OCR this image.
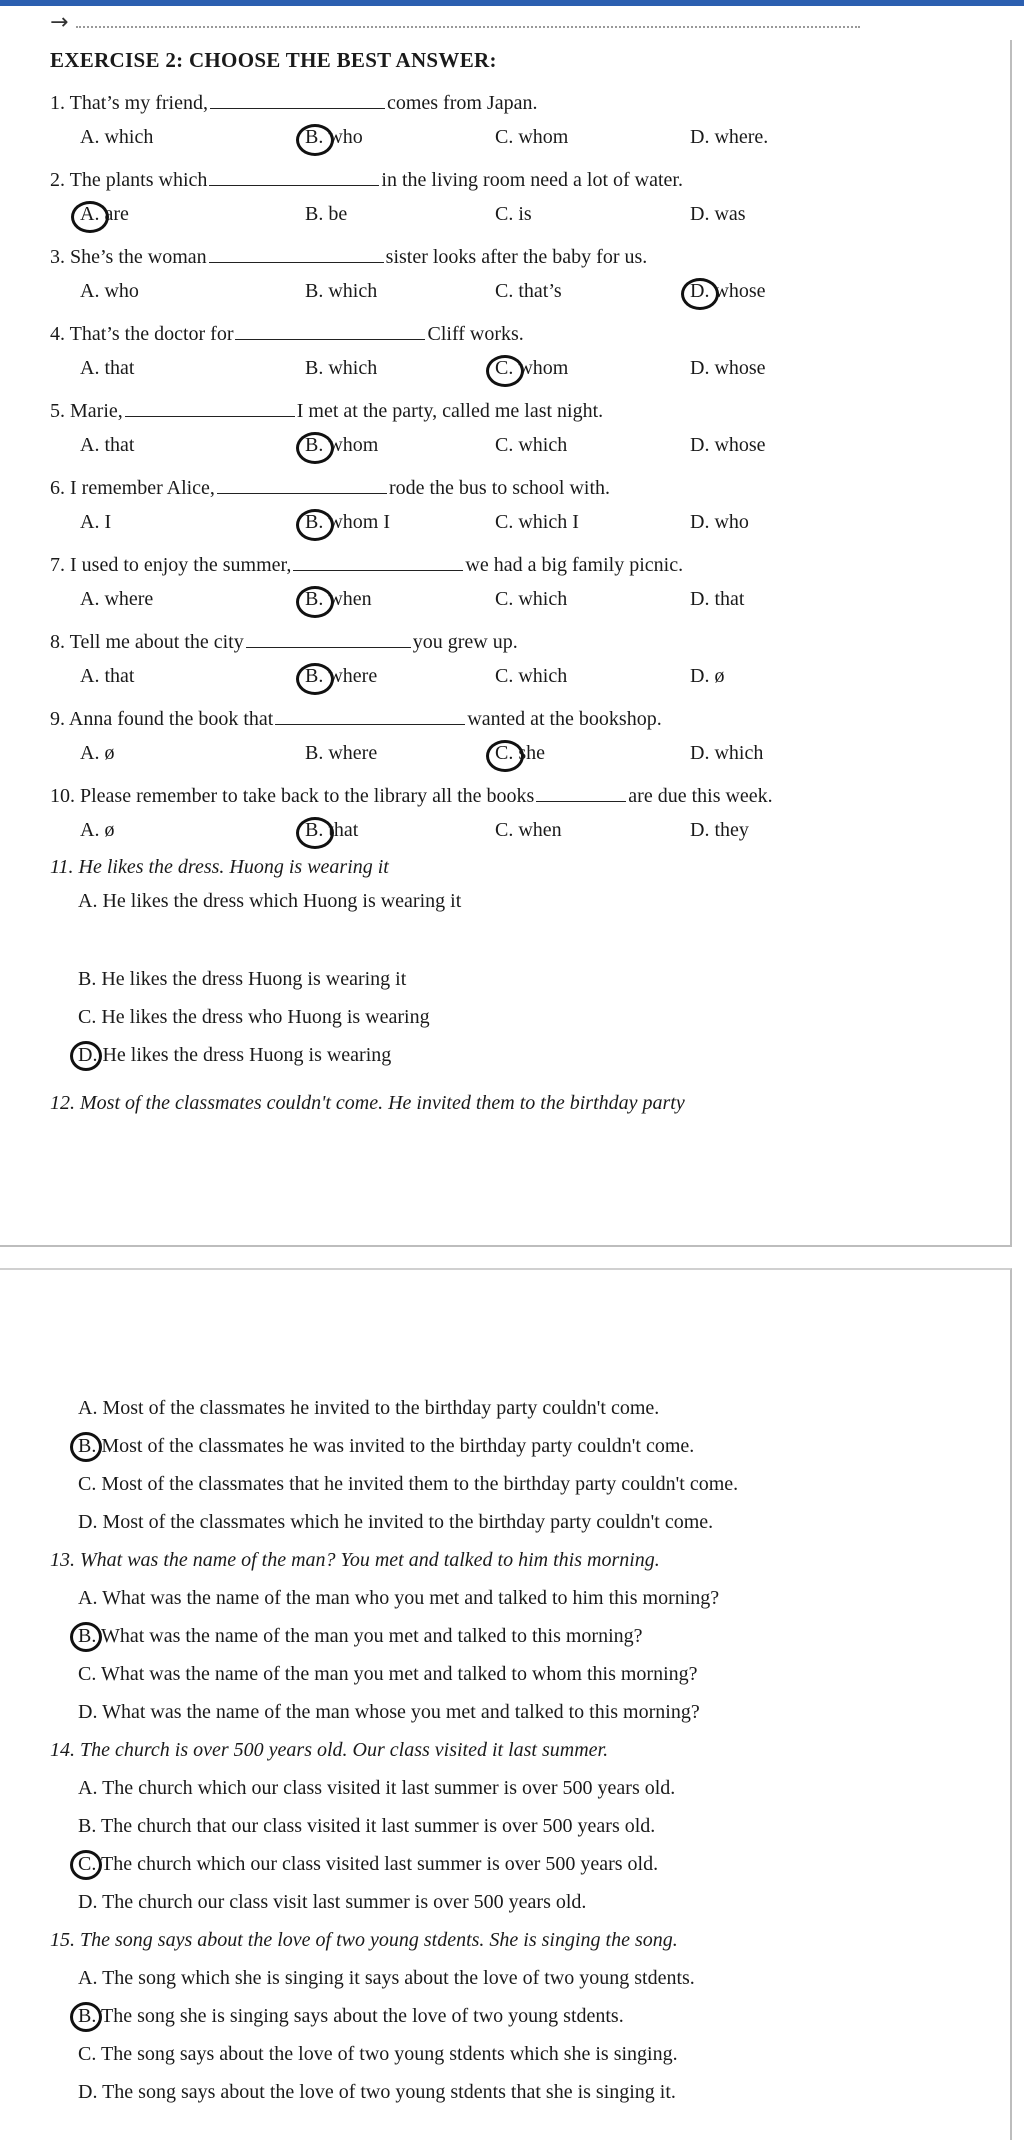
→
EXERCISE 2: CHOOSE THE BEST ANSWER:
1. That’s my friend,	comes from Japan.
A. which	B. who	C. whom	D. where.
2. The plants which	in the living room need a lot of water.
A. are	B. be	C. is	D. was
3. She’s the woman	sister looks after the baby for us.
A. who	B. which	C. that’s	D. whose
4. That’s the doctor for	Cliff works.
A. that	B. which	C. whom	D. whose
5. Marie,	I met at the party, called me last night.
A. that	B. whom	C. which	D. whose
6. I remember Alice,	rode the bus to school with.
A. I	B. whom I	C. which I	D. who
7. I used to enjoy the summer,	we had a big family picnic.
A. where	B. when	C. which	D. that
8. Tell me about the city	you grew up.
A. that	B. where	C. which	D. ø
9. Anna found the book that	wanted at the bookshop.
A. ø	B. where	C. she	D. which
10. Please remember to take back to the library all the books	are due this week.
A. ø	B. that	C. when	D. they
11. He likes the dress. Huong is wearing it
A. He likes the dress which Huong is wearing it
B. He likes the dress Huong is wearing it
C. He likes the dress who Huong is wearing
D. He likes the dress Huong is wearing
12. Most of the classmates couldn't come. He invited them to the birthday party
A. Most of the classmates he invited to the birthday party couldn't come.
B. Most of the classmates he was invited to the birthday party couldn't come.
C. Most of the classmates that he invited them to the birthday party couldn't come.
D. Most of the classmates which he invited to the birthday party couldn't come.
13. What was the name of the man? You met and talked to him this morning.
A. What was the name of the man who you met and talked to him this morning?
B. What was the name of the man you met and talked to this morning?
C. What was the name of the man you met and talked to whom this morning?
D. What was the name of the man whose you met and talked to this morning?
14. The church is over 500 years old. Our class visited it last summer.
A. The church which our class visited it last summer is over 500 years old.
B. The church that our class visited it last summer is over 500 years old.
C. The church which our class visited last summer is over 500 years old.
D. The church our class visit last summer is over 500 years old.
15. The song says about the love of two young stdents. She is singing the song.
A. The song which she is singing it says about the love of two young stdents.
B. The song she is singing says about the love of two young stdents.
C. The song says about the love of two young stdents which she is singing.
D. The song says about the love of two young stdents that she is singing it.
